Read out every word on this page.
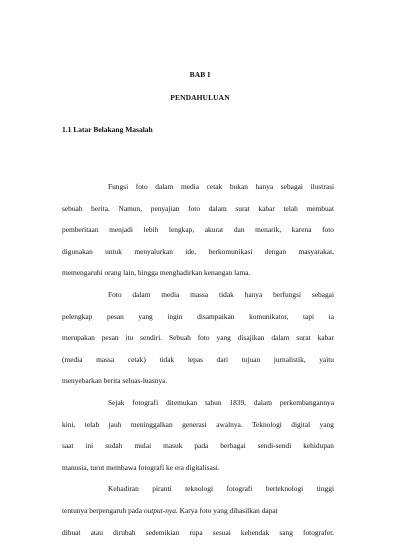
BAB I
PENDAHULUAN
1.1 Latar Belakang Masalah
Fungsi foto dalam media cetak bukan hanya sebagai ilustrasi
sebuah berita. Namun, penyajian foto dalam surat kabar telah membuat
pemberitaan menjadi lebih lengkap, akurat dan menarik, karena foto
digunakan untuk menyalurkan ide, berkomunikasi dengan masyarakat,
memengaruhi orang lain, hingga menghadirkan kenangan lama.
Foto dalam media massa tidak hanya berfungsi sebagai
pelengkap pesan yang ingin disampaikan komunikator, tapi ia
merupakan pesan itu sendiri. Sebuah foto yang disajikan dalam surat kabar
(media massa cetak) tidak lepas dari tujuan jurnalistik, yaitu
menyebarkan berita seluas-luasnya.
Sejak fotografi ditemukan tahun 1839, dalam perkembangannya
kini, telah jauh meninggalkan generasi awalnya. Teknologi digital yang
saat ini sudah mulai masuk pada berbagai sendi-sendi kehidupan
manusia, turut membawa fotografi ke era digitalisasi.
Kehadiran piranti teknologi fotografi berteknologi tinggi
tentunya berpengaruh pada output-nya. Karya foto yang dihasilkan dapat
dibuat atau dirubah sedemikian rupa sesuai kehendak sang fotografer.
